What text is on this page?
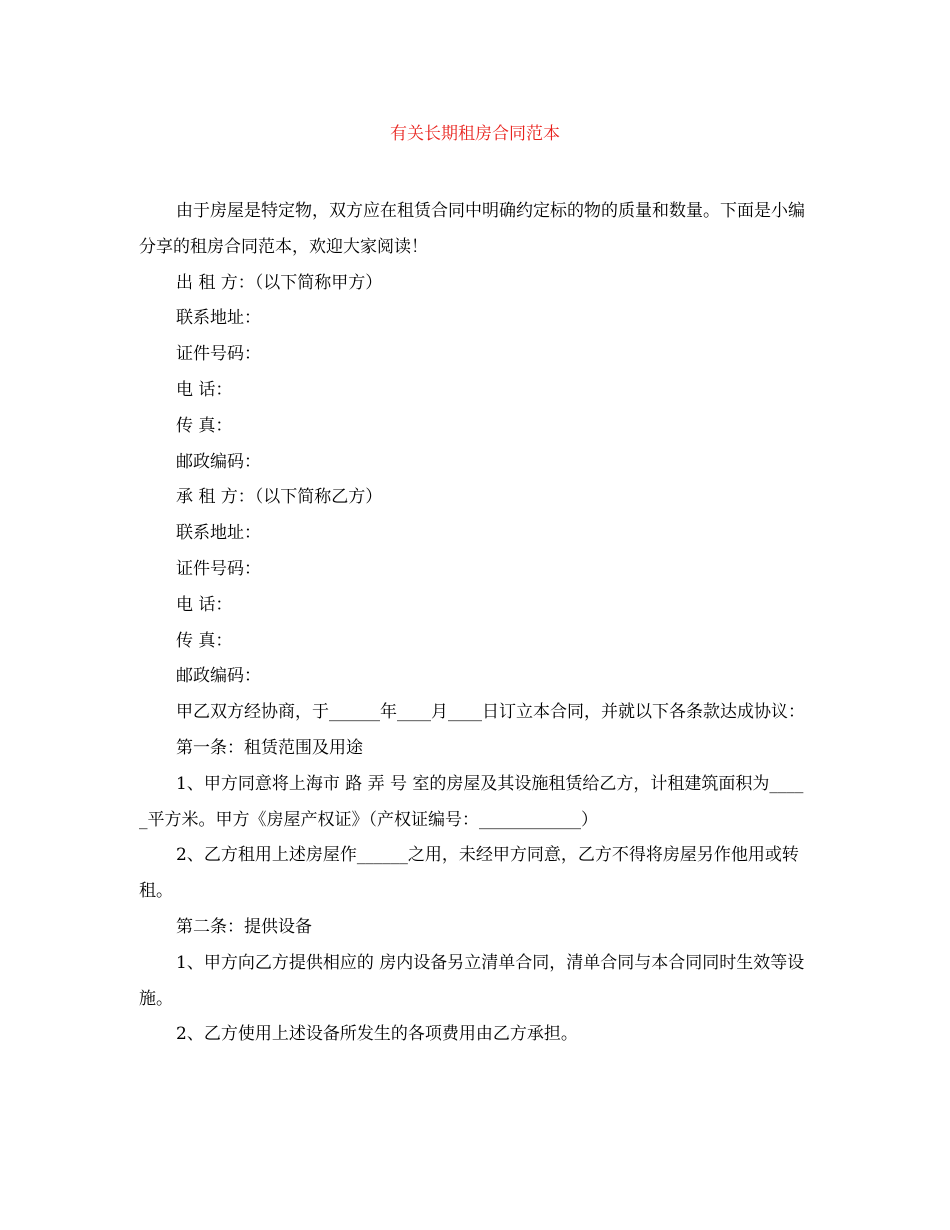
有关长期租房合同范本

由于房屋是特定物，双方应在租赁合同中明确约定标的物的质量和数量。下面是小编分享的租房合同范本，欢迎大家阅读！

出 租 方：（以下简称甲方）

联系地址：

证件号码：

电 话：

传 真：

邮政编码：

承 租 方：（以下简称乙方）

联系地址：

证件号码：

电 话：

传 真：

邮政编码：

甲乙双方经协商，于______年____月____日订立本合同，并就以下各条款达成协议：

第一条：租赁范围及用途

1、甲方同意将上海市 路 弄 号 室的房屋及其设施租赁给乙方，计租建筑面积为_____平方米。甲方《房屋产权证》（产权证编号：____________）

2、乙方租用上述房屋作______之用，未经甲方同意，乙方不得将房屋另作他用或转租。

第二条：提供设备

1、甲方向乙方提供相应的 房内设备另立清单合同，清单合同与本合同同时生效等设施。

2、乙方使用上述设备所发生的各项费用由乙方承担。
